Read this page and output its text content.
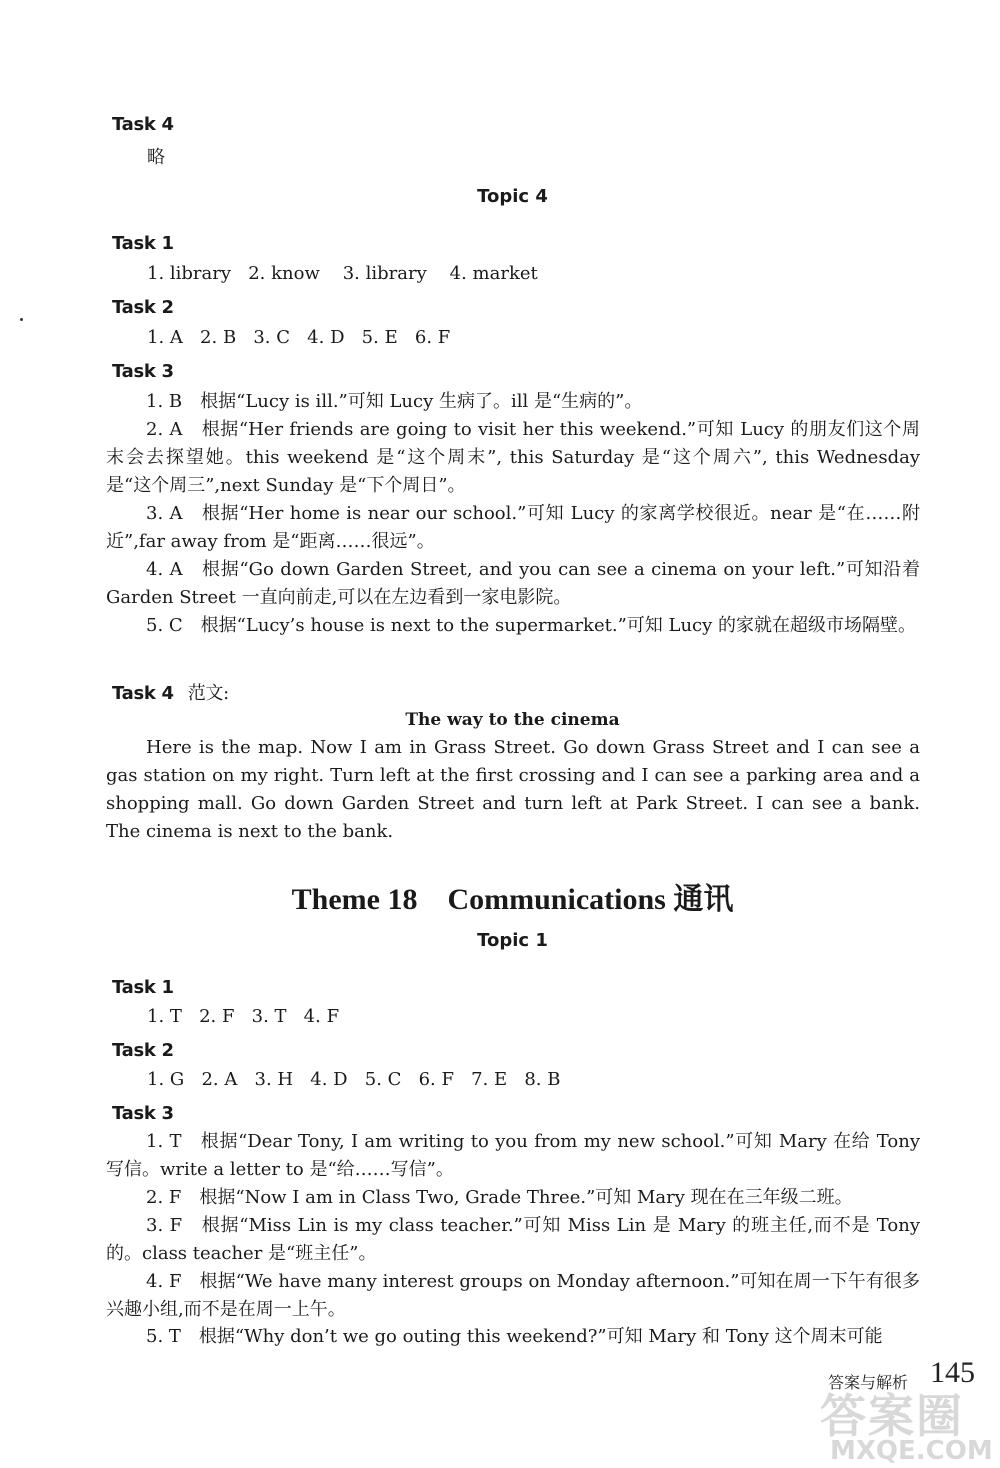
Task 4
略
Topic 4
Task 1
1. library   2. know    3. library    4. market
Task 2
1. A   2. B   3. C   4. D   5. E   6. F
Task 3
1. B　根据“Lucy is ill.”可知 Lucy 生病了。ill 是“生病的”。
2. A　根据“Her friends are going to visit her this weekend.”可知 Lucy 的朋友们这个周末会去探望她。this weekend 是“这个周末”, this Saturday 是“这个周六”, this Wednesday 是“这个周三”,next Sunday 是“下个周日”。
3. A　根据“Her home is near our school.”可知 Lucy 的家离学校很近。near 是“在……附近”,far away from 是“距离……很远”。
4. A　根据“Go down Garden Street, and you can see a cinema on your left.”可知沿着 Garden Street 一直向前走,可以在左边看到一家电影院。
5. C　根据“Lucy’s house is next to the supermarket.”可知 Lucy 的家就在超级市场隔壁。
Task 4 范文:
The way to the cinema
Here is the map. Now I am in Grass Street. Go down Grass Street and I can see a gas station on my right. Turn left at the first crossing and I can see a parking area and a shopping mall. Go down Garden Street and turn left at Park Street. I can see a bank. The cinema is next to the bank.
Theme 18　Communications 通讯
Topic 1
Task 1
1. T   2. F   3. T   4. F
Task 2
1. G   2. A   3. H   4. D   5. C   6. F   7. E   8. B
Task 3
1. T　根据“Dear Tony, I am writing to you from my new school.”可知 Mary 在给 Tony 写信。write a letter to 是“给……写信”。
2. F　根据“Now I am in Class Two, Grade Three.”可知 Mary 现在在三年级二班。
3. F　根据“Miss Lin is my class teacher.”可知 Miss Lin 是 Mary 的班主任,而不是 Tony 的。class teacher 是“班主任”。
4. F　根据“We have many interest groups on Monday afternoon.”可知在周一下午有很多兴趣小组,而不是在周一上午。
5. T　根据“Why don’t we go outing this weekend?”可知 Mary 和 Tony 这个周末可能
答案与解析 145
答案圈
MXQE.COM
